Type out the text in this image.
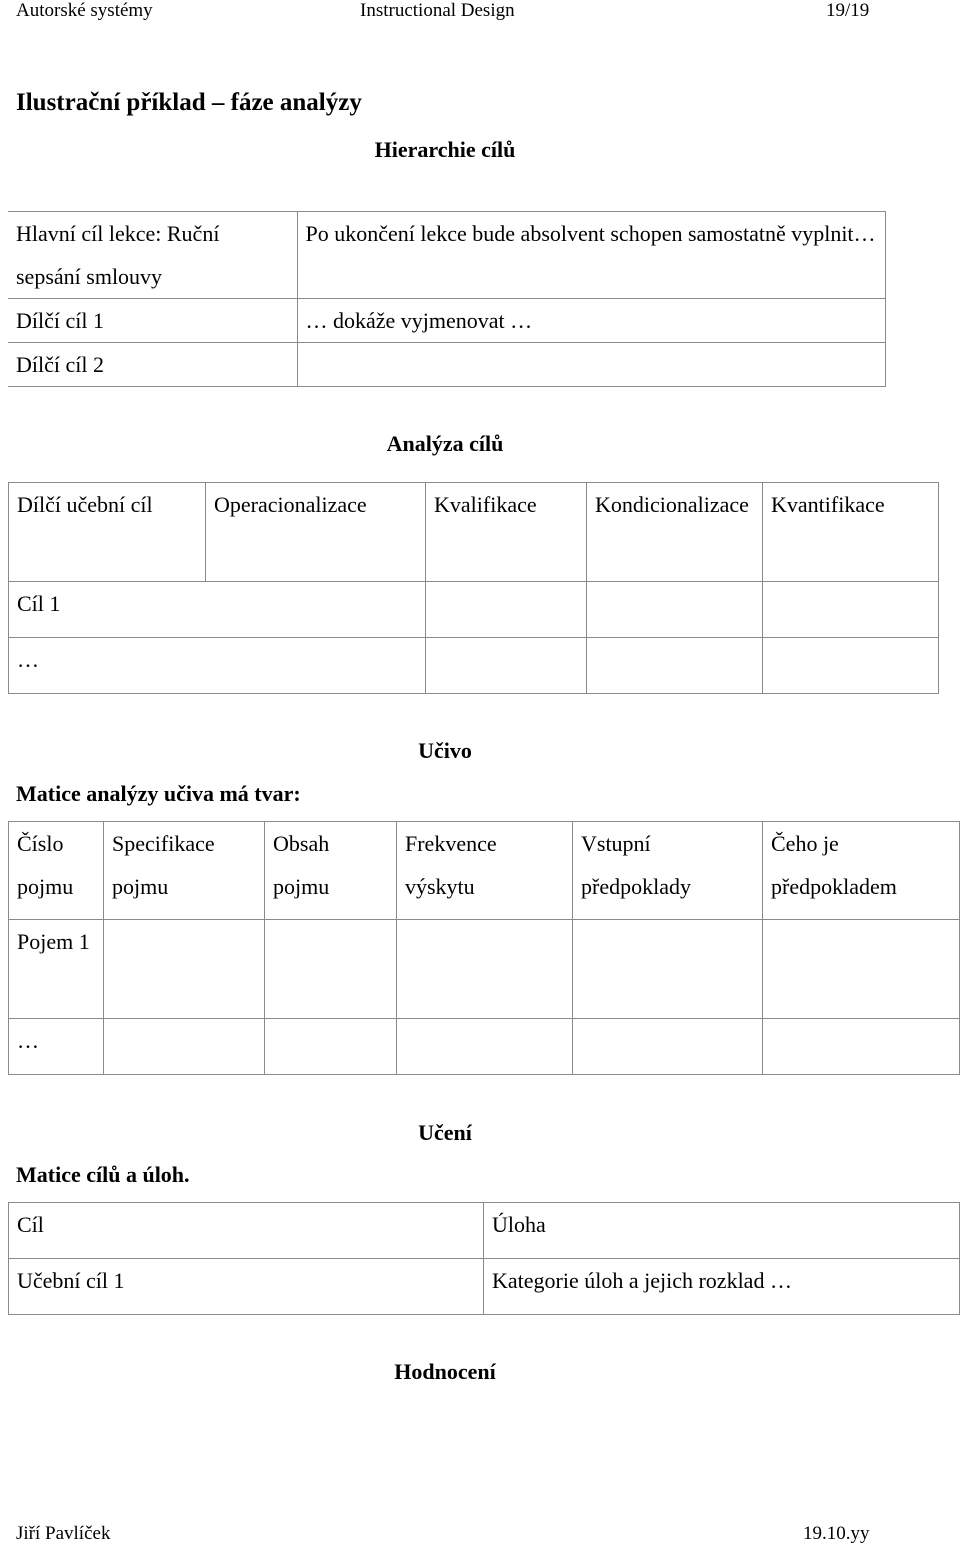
Autorské systémy	Instructional Design	19/19
Ilustrační příklad – fáze analýzy
Hierarchie cílů
Hlavní cíl lekce: Ruční sepsání smlouvy	Po ukončení lekce bude absolvent schopen samostatně vyplnit…
Dílčí cíl 1	… dokáže vyjmenovat …
Dílčí cíl 2	
Analýza cílů
Dílčí učební cíl	Operacionalizace	Kvalifikace	Kondicionalizace	Kvantifikace
Cíl 1				
…				
Učivo
Matice analýzy učiva má tvar:
Číslo pojmu	Specifikace pojmu	Obsah pojmu	Frekvence výskytu	Vstupní předpoklady	Čeho je předpokladem
Pojem 1					
…					
Učení
Matice cílů a úloh.
Cíl	Úloha
Učební cíl 1	Kategorie úloh a jejich rozklad …
Hodnocení
Jiří Pavlíček	19.10.yy
